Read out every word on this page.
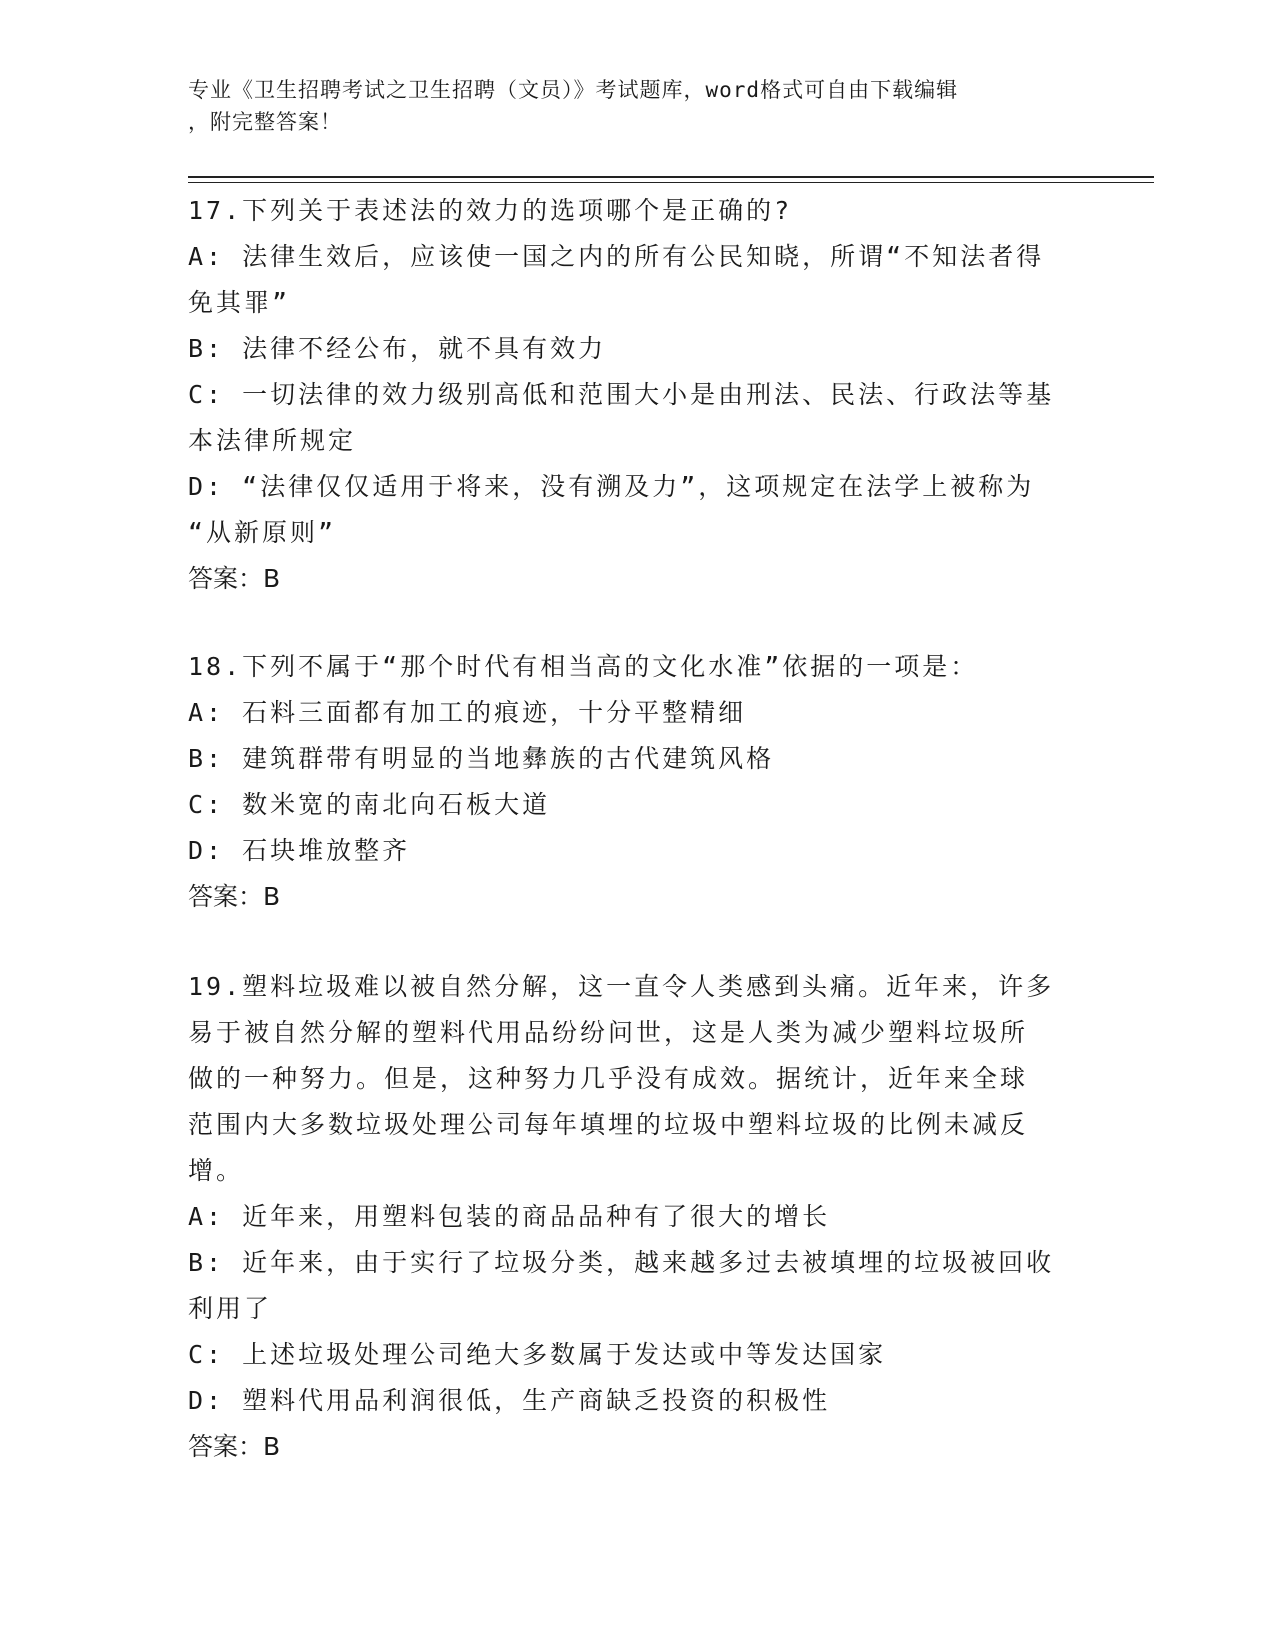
专业《卫生招聘考试之卫生招聘（文员）》考试题库，word格式可自由下载编辑
，附完整答案！
17.下列关于表述法的效力的选项哪个是正确的?
A: 法律生效后，应该使一国之内的所有公民知晓，所谓“不知法者得
免其罪”
B: 法律不经公布，就不具有效力
C: 一切法律的效力级别高低和范围大小是由刑法、民法、行政法等基
本法律所规定
D: “法律仅仅适用于将来，没有溯及力”，这项规定在法学上被称为
“从新原则”
答案：B
18.下列不属于“那个时代有相当高的文化水准”依据的一项是：
A: 石料三面都有加工的痕迹，十分平整精细
B: 建筑群带有明显的当地彝族的古代建筑风格
C: 数米宽的南北向石板大道
D: 石块堆放整齐
答案：B
19.塑料垃圾难以被自然分解，这一直令人类感到头痛。近年来，许多
易于被自然分解的塑料代用品纷纷问世，这是人类为减少塑料垃圾所
做的一种努力。但是，这种努力几乎没有成效。据统计，近年来全球
范围内大多数垃圾处理公司每年填埋的垃圾中塑料垃圾的比例未减反
增。
A: 近年来，用塑料包装的商品品种有了很大的增长
B: 近年来，由于实行了垃圾分类，越来越多过去被填埋的垃圾被回收
利用了
C: 上述垃圾处理公司绝大多数属于发达或中等发达国家
D: 塑料代用品利润很低，生产商缺乏投资的积极性
答案：B
